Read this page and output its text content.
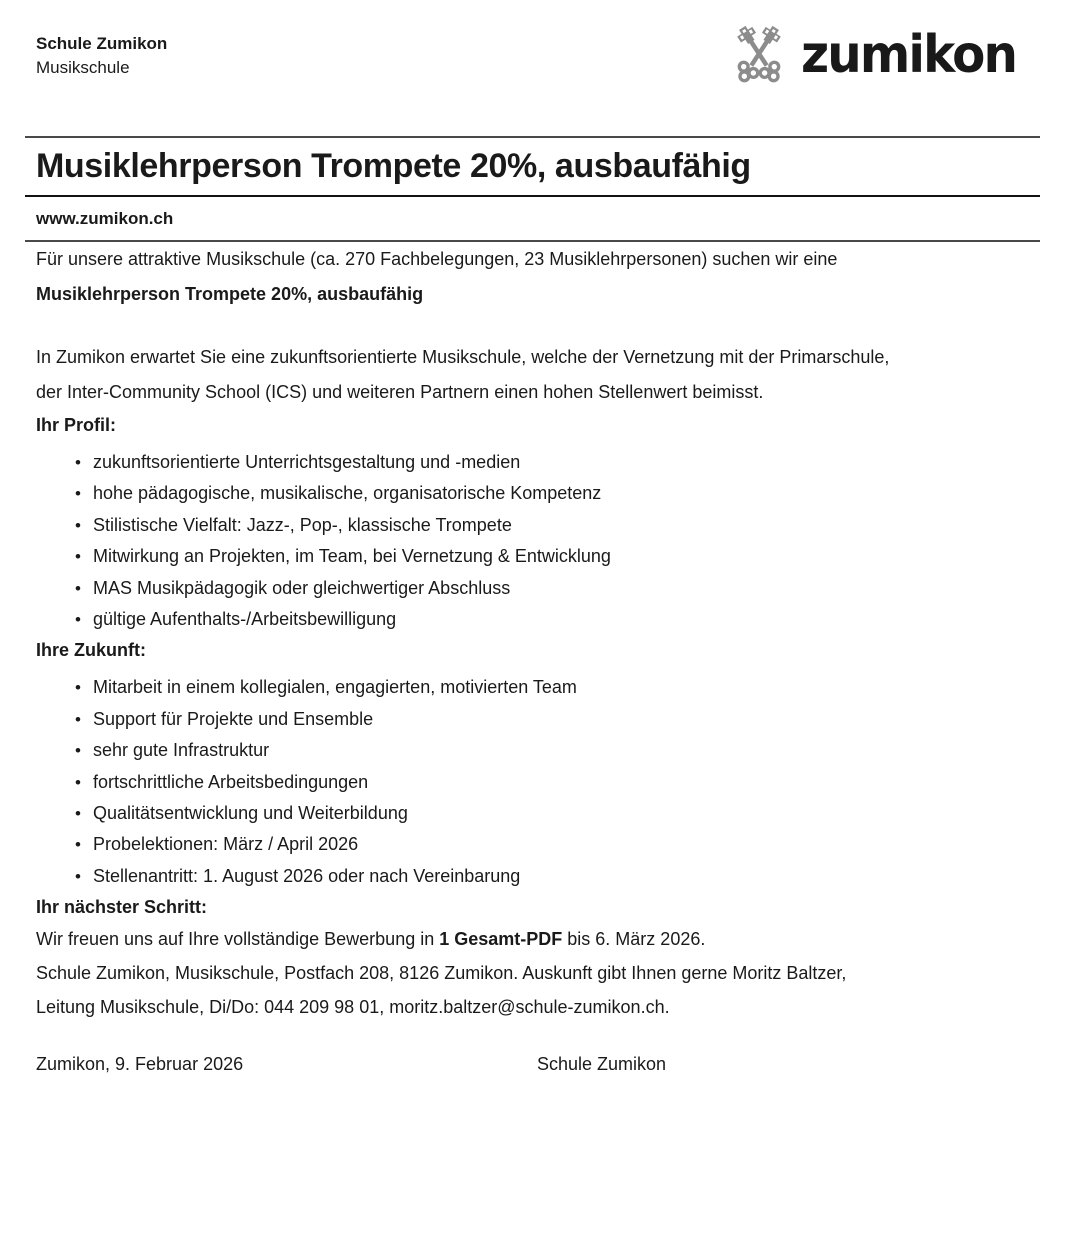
Schule Zumikon
Musikschule	zumikon
Musiklehrperson Trompete 20%, ausbaufähig
www.zumikon.ch

Für unsere attraktive Musikschule (ca. 270 Fachbelegungen, 23 Musiklehrpersonen) suchen wir eine

Musiklehrperson Trompete 20%, ausbaufähig

In Zumikon erwartet Sie eine zukunftsorientierte Musikschule, welche der Vernetzung mit der Primarschule,
der Inter-Community School (ICS) und weiteren Partnern einen hohen Stellenwert beimisst.
Ihr Profil:
• zukunftsorientierte Unterrichtsgestaltung und -medien
• hohe pädagogische, musikalische, organisatorische Kompetenz
• Stilistische Vielfalt: Jazz-, Pop-, klassische Trompete
• Mitwirkung an Projekten, im Team, bei Vernetzung & Entwicklung
• MAS Musikpädagogik oder gleichwertiger Abschluss
• gültige Aufenthalts-/Arbeitsbewilligung
Ihre Zukunft:
• Mitarbeit in einem kollegialen, engagierten, motivierten Team
• Support für Projekte und Ensemble
• sehr gute Infrastruktur
• fortschrittliche Arbeitsbedingungen
• Qualitätsentwicklung und Weiterbildung
• Probelektionen: März / April 2026
• Stellenantritt: 1. August 2026 oder nach Vereinbarung
Ihr nächster Schritt:

Wir freuen uns auf Ihre vollständige Bewerbung in 1 Gesamt-PDF bis 6. März 2026.
Schule Zumikon, Musikschule, Postfach 208, 8126 Zumikon. Auskunft gibt Ihnen gerne Moritz Baltzer,
Leitung Musikschule, Di/Do: 044 209 98 01, moritz.baltzer@schule-zumikon.ch.

Zumikon, 9. Februar 2026	Schule Zumikon
